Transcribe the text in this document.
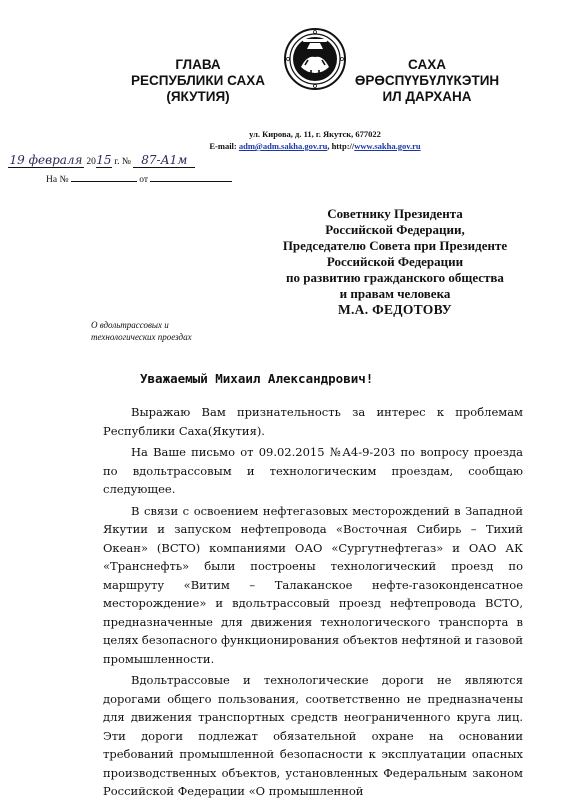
ГЛАВА
РЕСПУБЛИКИ САХА
(ЯКУТИЯ)
САХА
ӨРӨСПҮҮБҮЛҮКЭТИН
ИЛ ДАРХАНА
ул. Кирова, д. 11, г. Якутск, 677022
E-mail: adm@adm.sakha.gov.ru, http://www.sakha.gov.ru
19 февраля 2015 г. № 87-А1м
На №	от
Советнику Президента
Российской Федерации,
Председателю Совета при Президенте
Российской Федерации
по развитию гражданского общества
и правам человека
М.А. ФЕДОТОВУ
О вдольтрассовых и
технологических проездах
Уважаемый Михаил Александрович!

Выражаю Вам признательность за интерес к проблемам Республики Саха(Якутия).

На Ваше письмо от 09.02.2015 №А4-9-203 по вопросу проезда по вдольтрассовым и технологическим проездам, сообщаю следующее.

В связи с освоением нефтегазовых месторождений в Западной Якутии и запуском нефтепровода «Восточная Сибирь – Тихий Океан» (ВСТО) компаниями ОАО «Сургутнефтегаз» и ОАО АК «Транснефть» были построены технологический проезд по маршруту «Витим – Талаканское нефте-газоконденсатное месторождение» и вдольтрассовый проезд нефтепровода ВСТО, предназначенные для движения технологического транспорта в целях безопасного функционирования объектов нефтяной и газовой промышленности.

Вдольтрассовые и технологические дороги не являются дорогами общего пользования, соответственно не предназначены для движения транспортных средств неограниченного круга лиц. Эти дороги подлежат обязательной охране на основании требований промышленной безопасности к эксплуатации опасных производственных объектов, установленных Федеральным законом Российской Федерации «О промышленной
